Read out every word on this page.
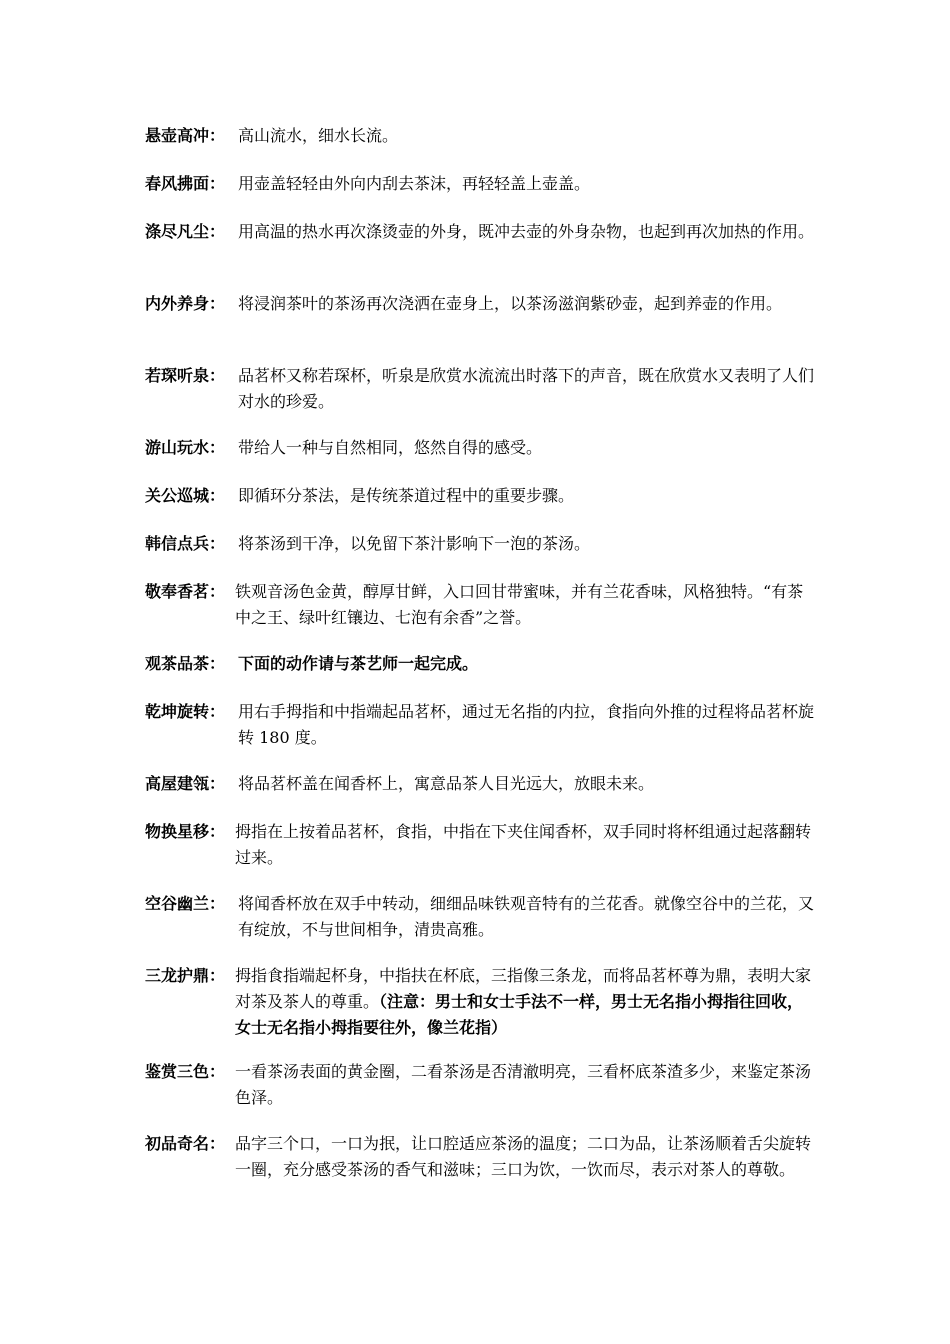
悬壶高冲： 高山流水，细水长流。
春风拂面： 用壶盖轻轻由外向内刮去茶沫，再轻轻盖上壶盖。
涤尽凡尘： 用高温的热水再次涤烫壶的外身，既冲去壶的外身杂物，也起到再次加热的作用。
内外养身： 将浸润茶叶的茶汤再次浇洒在壶身上，以茶汤滋润紫砂壶，起到养壶的作用。
若琛听泉： 品茗杯又称若琛杯，听泉是欣赏水流流出时落下的声音，既在欣赏水又表明了人们对水的珍爱。
游山玩水： 带给人一种与自然相同，悠然自得的感受。
关公巡城： 即循环分茶法，是传统茶道过程中的重要步骤。
韩信点兵： 将茶汤到干净，以免留下茶汁影响下一泡的茶汤。
敬奉香茗： 铁观音汤色金黄，醇厚甘鲜，入口回甘带蜜味，并有兰花香味，风格独特。“有茶中之王、绿叶红镶边、七泡有余香”之誉。
观茶品茶： 下面的动作请与茶艺师一起完成。
乾坤旋转： 用右手拇指和中指端起品茗杯，通过无名指的内拉，食指向外推的过程将品茗杯旋转 180 度。
高屋建瓴： 将品茗杯盖在闻香杯上，寓意品茶人目光远大，放眼未来。
物换星移： 拇指在上按着品茗杯，食指，中指在下夹住闻香杯，双手同时将杯组通过起落翻转过来。
空谷幽兰： 将闻香杯放在双手中转动，细细品味铁观音特有的兰花香。就像空谷中的兰花，又有绽放，不与世间相争，清贵高雅。
三龙护鼎： 拇指食指端起杯身，中指扶在杯底，三指像三条龙，而将品茗杯尊为鼎，表明大家对茶及茶人的尊重。（注意：男士和女士手法不一样，男士无名指小拇指往回收，女士无名指小拇指要往外，像兰花指）
鉴赏三色： 一看茶汤表面的黄金圈，二看茶汤是否清澈明亮，三看杯底茶渣多少，来鉴定茶汤色泽。
初品奇名： 品字三个口，一口为抿，让口腔适应茶汤的温度；二口为品，让茶汤顺着舌尖旋转一圈，充分感受茶汤的香气和滋味；三口为饮，一饮而尽，表示对茶人的尊敬。
